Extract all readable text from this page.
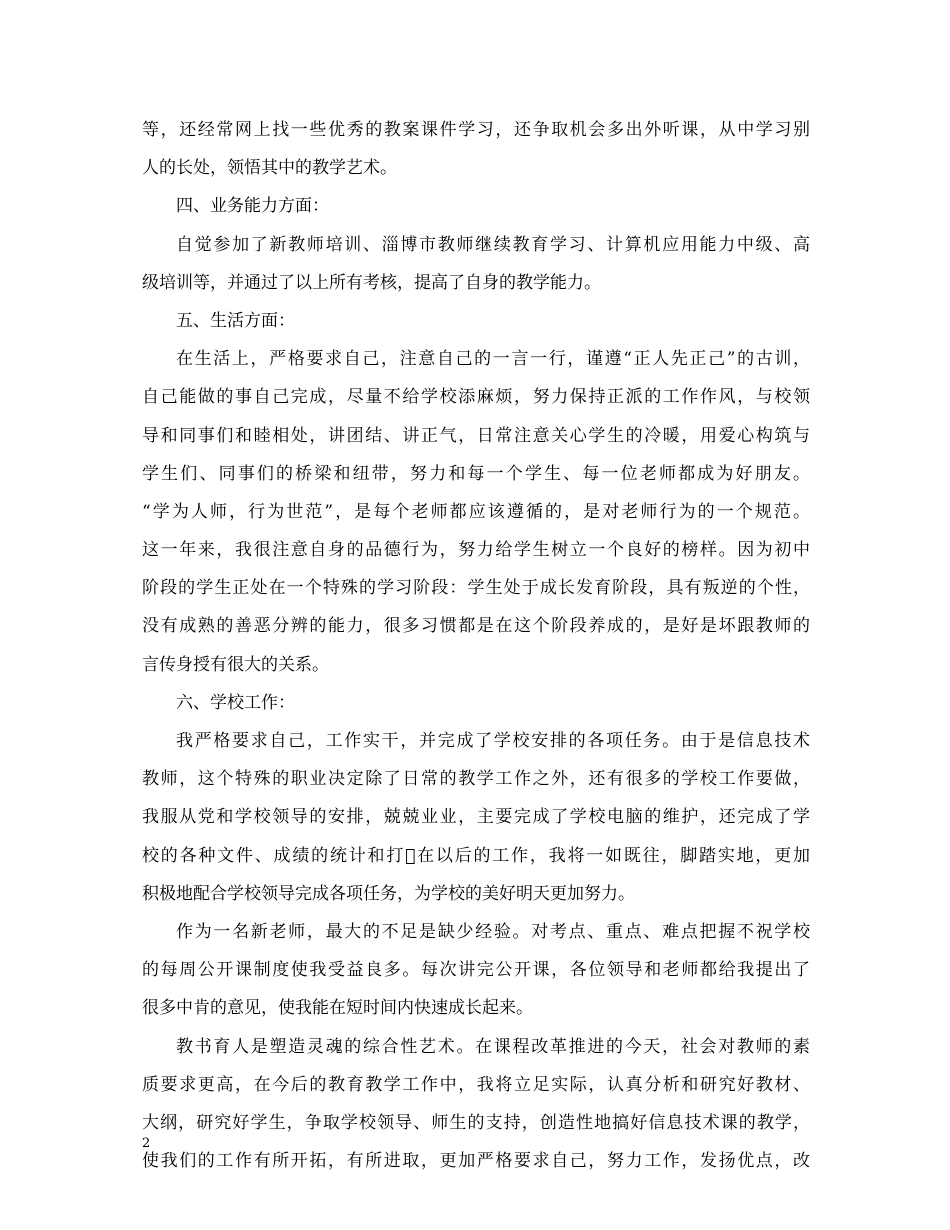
等，还经常网上找一些优秀的教案课件学习，还争取机会多出外听课，从中学习别
人的长处，领悟其中的教学艺术。
四、业务能力方面：
自觉参加了新教师培训、淄博市教师继续教育学习、计算机应用能力中级、高
级培训等，并通过了以上所有考核，提高了自身的教学能力。
五、生活方面：
在生活上，严格要求自己，注意自己的一言一行，谨遵“正人先正己”的古训，
自己能做的事自己完成，尽量不给学校添麻烦，努力保持正派的工作作风，与校领
导和同事们和睦相处，讲团结、讲正气，日常注意关心学生的冷暖，用爱心构筑与
学生们、同事们的桥梁和纽带，努力和每一个学生、每一位老师都成为好朋友。
“学为人师，行为世范”，是每个老师都应该遵循的，是对老师行为的一个规范。
这一年来，我很注意自身的品德行为，努力给学生树立一个良好的榜样。因为初中
阶段的学生正处在一个特殊的学习阶段：学生处于成长发育阶段，具有叛逆的个性，
没有成熟的善恶分辨的能力，很多习惯都是在这个阶段养成的，是好是坏跟教师的
言传身授有很大的关系。
六、学校工作：
我严格要求自己，工作实干，并完成了学校安排的各项任务。由于是信息技术
教师，这个特殊的职业决定除了日常的教学工作之外，还有很多的学校工作要做，
我服从党和学校领导的安排，兢兢业业，主要完成了学校电脑的维护，还完成了学
校的各种文件、成绩的统计和打𢙢在以后的工作，我将一如既往，脚踏实地，更加
积极地配合学校领导完成各项任务，为学校的美好明天更加努力。
作为一名新老师，最大的不足是缺少经验。对考点、重点、难点把握不祝学校
的每周公开课制度使我受益良多。每次讲完公开课，各位领导和老师都给我提出了
很多中肯的意见，使我能在短时间内快速成长起来。
教书育人是塑造灵魂的综合性艺术。在课程改革推进的今天，社会对教师的素
质要求更高，在今后的教育教学工作中，我将立足实际，认真分析和研究好教材、
大纲，研究好学生，争取学校领导、师生的支持，创造性地搞好信息技术课的教学，
使我们的工作有所开拓，有所进取，更加严格要求自己，努力工作，发扬优点，改
2
